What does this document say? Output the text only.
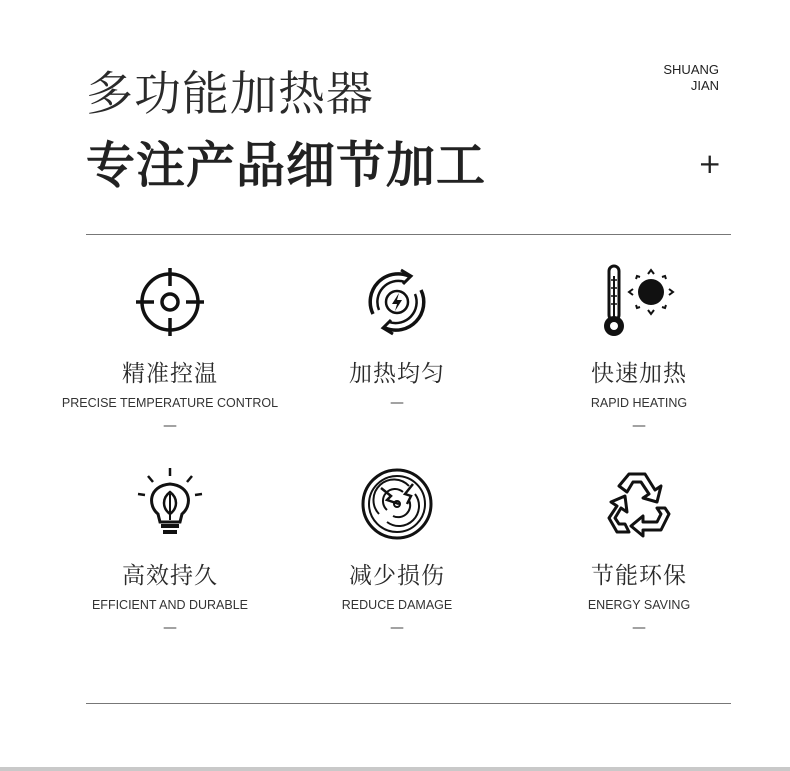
多功能加热器
专注产品细节加工
SHUANG
JIAN
+
精准控温
PRECISE TEMPERATURE CONTROL
—
加热均匀
—
快速加热
RAPID HEATING
—
高效持久
EFFICIENT AND DURABLE
—
减少损伤
REDUCE DAMAGE
—
节能环保
ENERGY SAVING
—
